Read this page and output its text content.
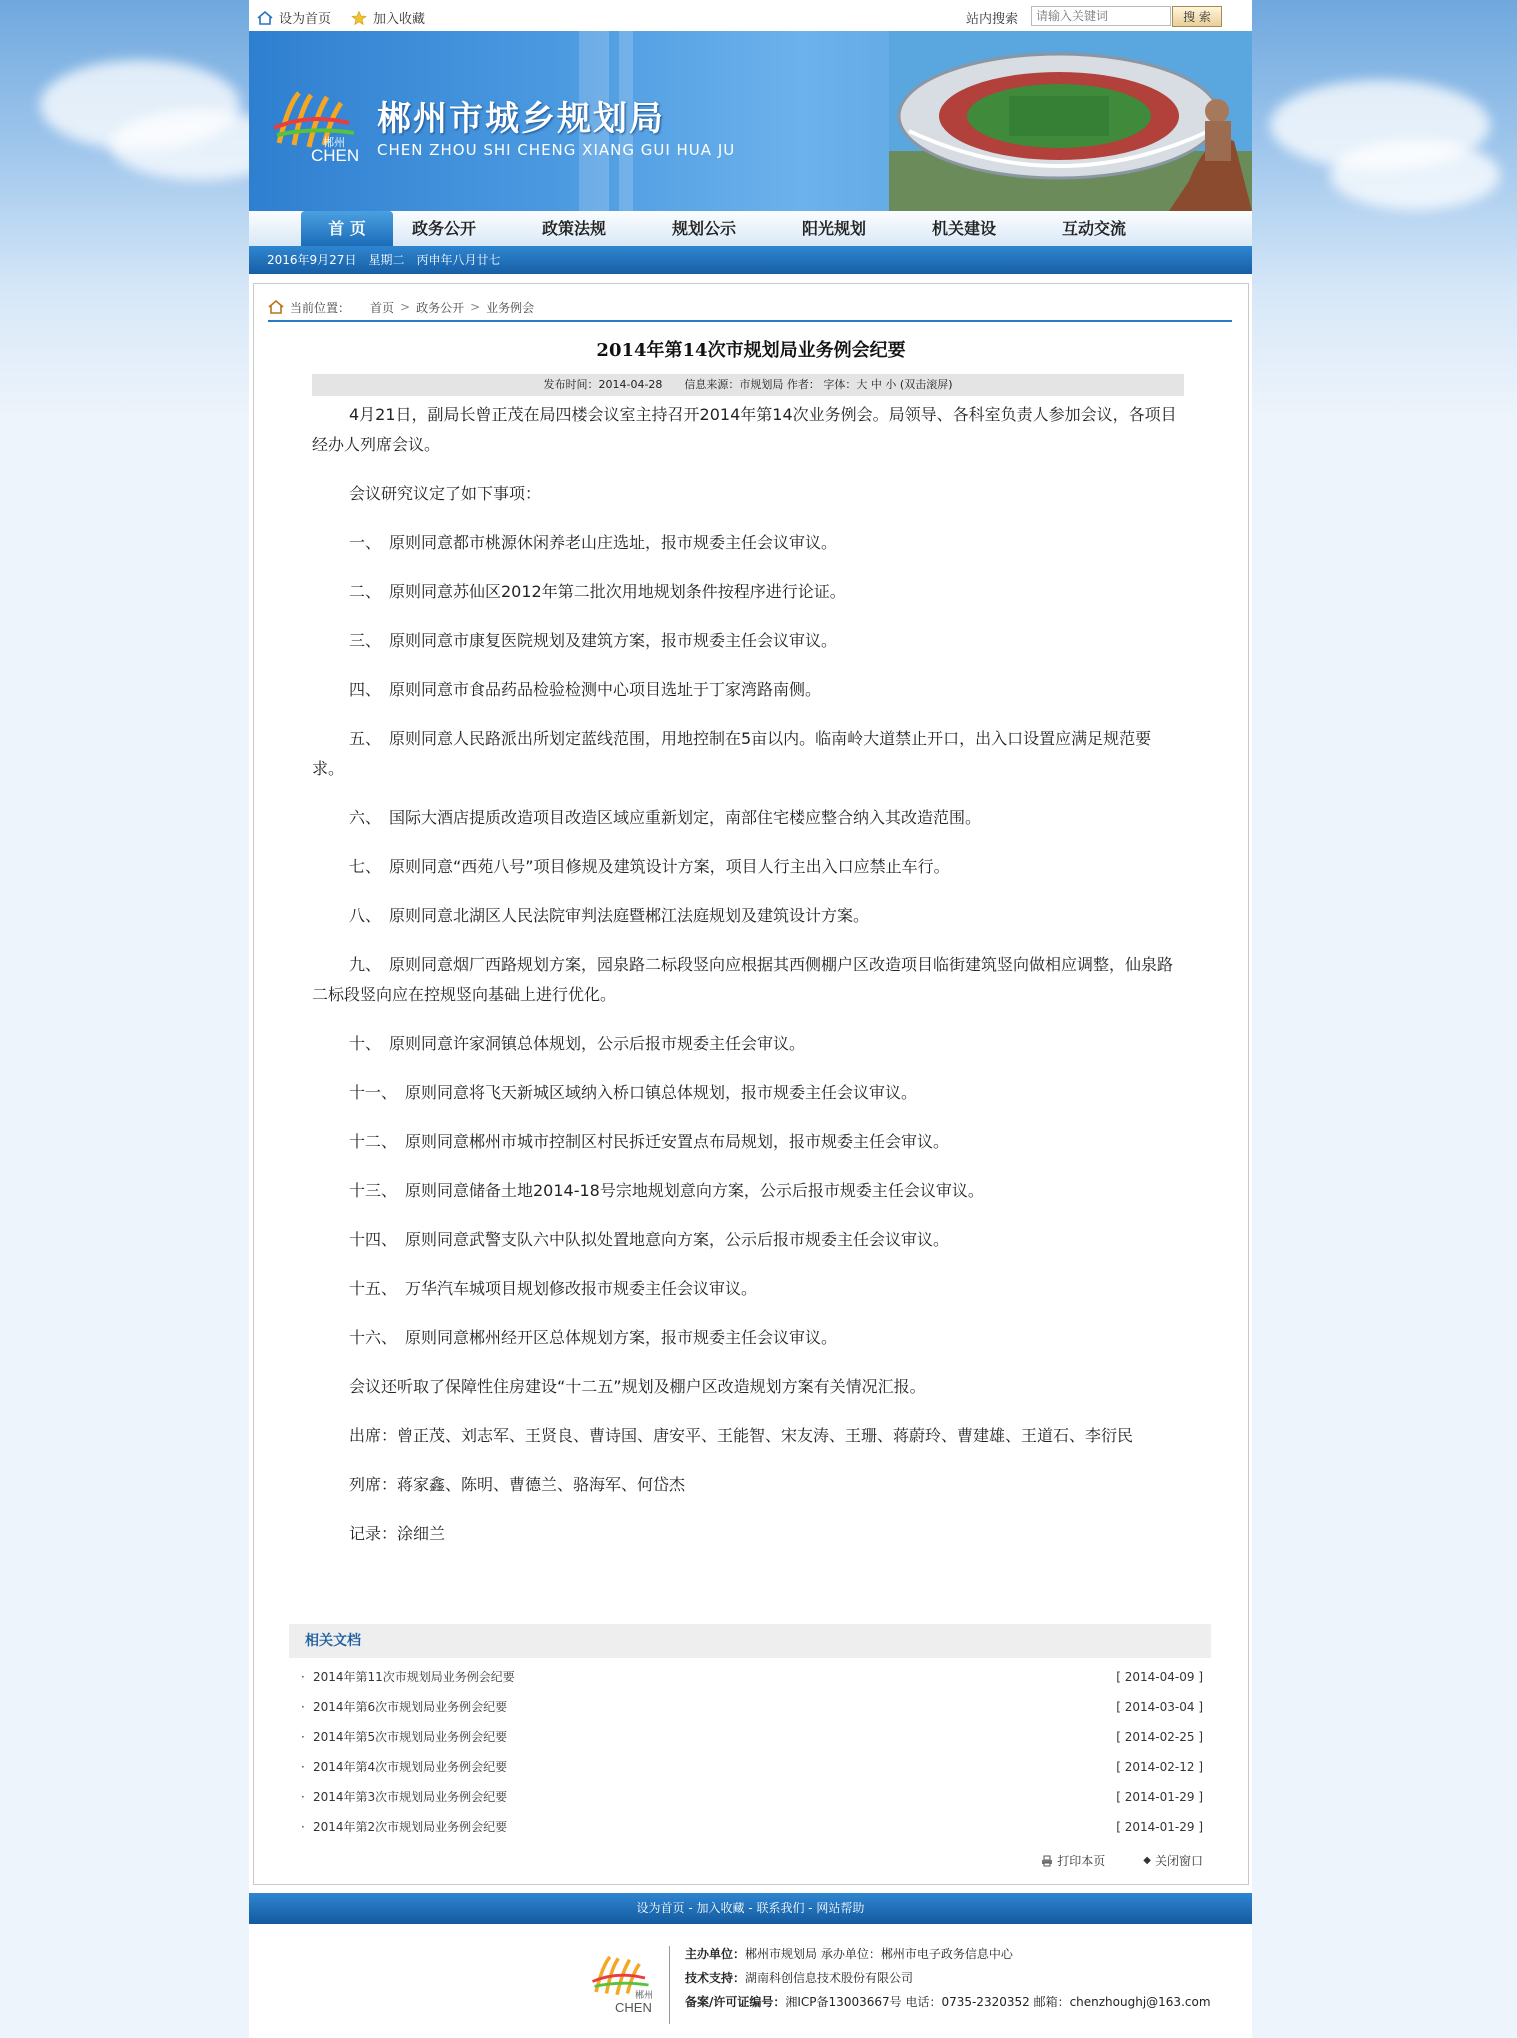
设为首页	加入收藏	站内搜索
请输入关键词	搜 索
郴州
CHEN
郴州市城乡规划局
CHEN ZHOU SHI CHENG XIANG GUI HUA JU
首 页	政务公开	政策法规	规划公示	阳光规划	机关建设	互动交流
2016年9月27日　星期二　丙申年八月廿七
当前位置： 首页 > 政务公开 > 业务例会
2014年第14次市规划局业务例会纪要
发布时间：2014-04-28　　信息来源：市规划局 作者： 字体：大 中 小 (双击滚屏)

4月21日，副局长曾正茂在局四楼会议室主持召开2014年第14次业务例会。局领导、各科室负责人参加会议，各项目经办人列席会议。

会议研究议定了如下事项：

一、　原则同意都市桃源休闲养老山庄选址，报市规委主任会议审议。

二、　原则同意苏仙区2012年第二批次用地规划条件按程序进行论证。

三、　原则同意市康复医院规划及建筑方案，报市规委主任会议审议。

四、　原则同意市食品药品检验检测中心项目选址于丁家湾路南侧。

五、　原则同意人民路派出所划定蓝线范围，用地控制在5亩以内。临南岭大道禁止开口，出入口设置应满足规范要求。

六、　国际大酒店提质改造项目改造区域应重新划定，南部住宅楼应整合纳入其改造范围。

七、　原则同意“西苑八号”项目修规及建筑设计方案，项目人行主出入口应禁止车行。

八、　原则同意北湖区人民法院审判法庭暨郴江法庭规划及建筑设计方案。

九、　原则同意烟厂西路规划方案，园泉路二标段竖向应根据其西侧棚户区改造项目临街建筑竖向做相应调整，仙泉路二标段竖向应在控规竖向基础上进行优化。

十、　原则同意许家洞镇总体规划，公示后报市规委主任会审议。

十一、　原则同意将飞天新城区域纳入桥口镇总体规划，报市规委主任会议审议。

十二、　原则同意郴州市城市控制区村民拆迁安置点布局规划，报市规委主任会审议。

十三、　原则同意储备土地2014-18号宗地规划意向方案，公示后报市规委主任会议审议。

十四、　原则同意武警支队六中队拟处置地意向方案，公示后报市规委主任会议审议。

十五、　万华汽车城项目规划修改报市规委主任会议审议。

十六、　原则同意郴州经开区总体规划方案，报市规委主任会议审议。

会议还听取了保障性住房建设“十二五”规划及棚户区改造规划方案有关情况汇报。

出席：曾正茂、刘志军、王贤良、曹诗国、唐安平、王能智、宋友涛、王珊、蒋蔚玲、曹建雄、王道石、李衍民

列席：蒋家鑫、陈明、曹德兰、骆海军、何岱杰

记录：涂细兰

相关文档
· 2014年第11次市规划局业务例会纪要	[ 2014-04-09 ]
· 2014年第6次市规划局业务例会纪要	[ 2014-03-04 ]
· 2014年第5次市规划局业务例会纪要	[ 2014-02-25 ]
· 2014年第4次市规划局业务例会纪要	[ 2014-02-12 ]
· 2014年第3次市规划局业务例会纪要	[ 2014-01-29 ]
· 2014年第2次市规划局业务例会纪要	[ 2014-01-29 ]
打印本页	◆ 关闭窗口
设为首页 - 加入收藏 - 联系我们 - 网站帮助
郴州
CHEN
主办单位：郴州市规划局 承办单位：郴州市电子政务信息中心
技术支持：湖南科创信息技术股份有限公司
备案/许可证编号：湘ICP备13003667号 电话：0735-2320352 邮箱：chenzhoughj@163.com
